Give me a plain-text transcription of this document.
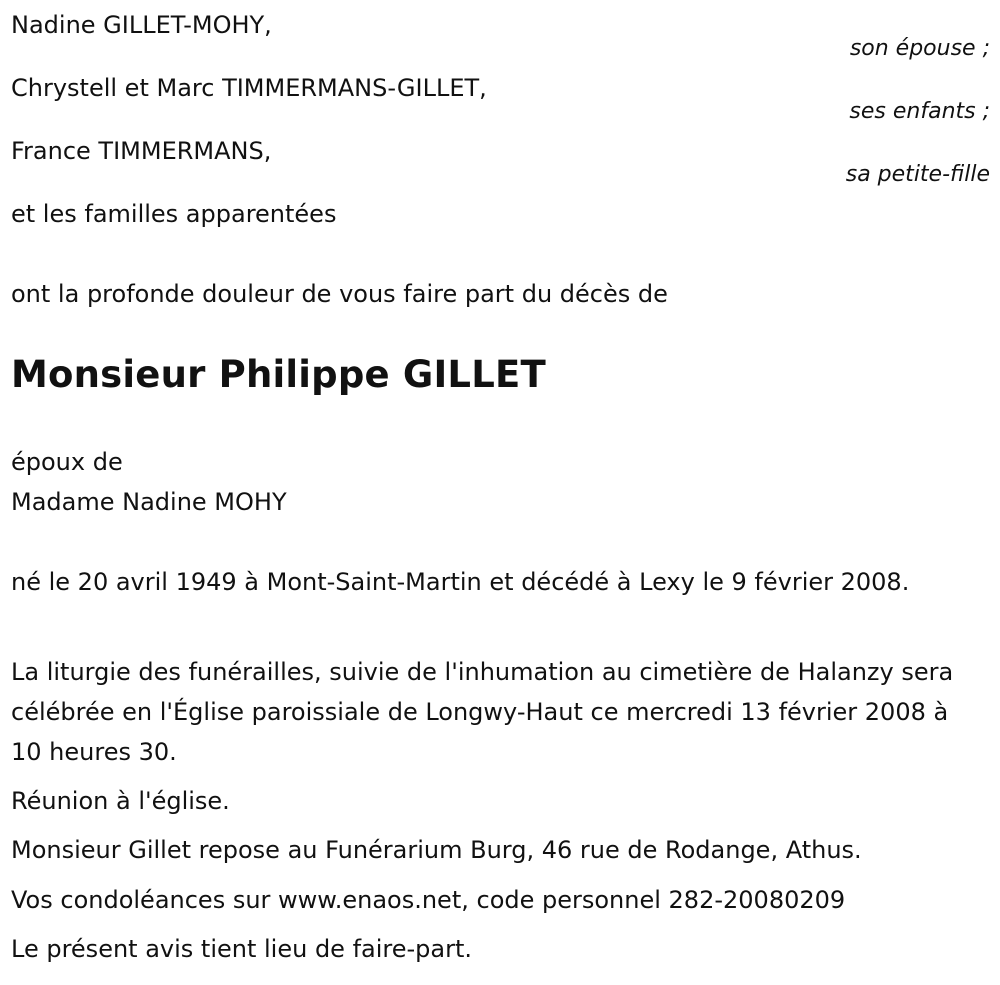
Nadine GILLET-MOHY,
son épouse ;
Chrystell et Marc TIMMERMANS-GILLET,
ses enfants ;
France TIMMERMANS,
sa petite-fille
et les familles apparentées
ont la profonde douleur de vous faire part du décès de
Monsieur Philippe GILLET
époux de
Madame Nadine MOHY
né le 20 avril 1949 à Mont-Saint-Martin et décédé à Lexy le 9 février 2008.
La liturgie des funérailles, suivie de l'inhumation au cimetière de Halanzy sera célébrée en l'Église paroissiale de Longwy-Haut ce mercredi 13 février 2008 à 10 heures 30.
Réunion à l'église.
Monsieur Gillet repose au Funérarium Burg, 46 rue de Rodange, Athus.
Vos condoléances sur www.enaos.net, code personnel 282-20080209
Le présent avis tient lieu de faire-part.
